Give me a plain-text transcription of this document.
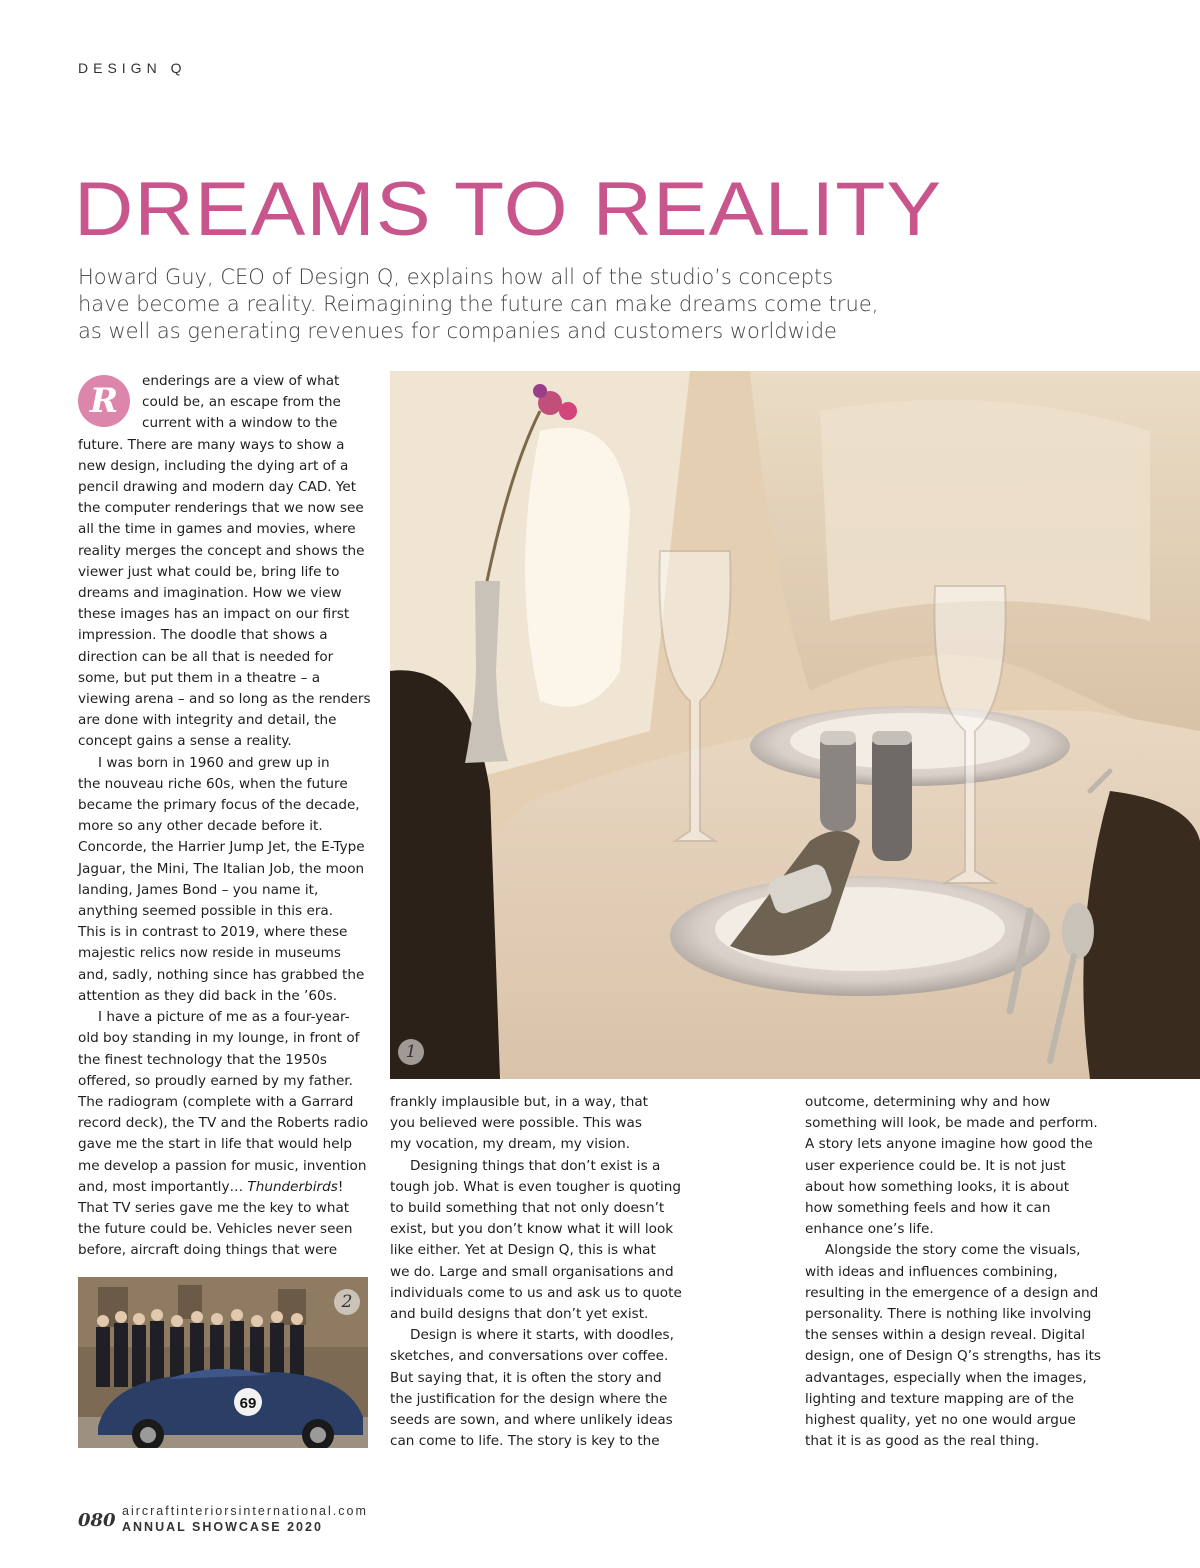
DESIGN Q
DREAMS TO REALITY
Howard Guy, CEO of Design Q, explains how all of the studio’s concepts
have become a reality. Reimagining the future can make dreams come true,
as well as generating revenues for companies and customers worldwide
R	enderings are a view of what
could be, an escape from the
current with a window to the
future. There are many ways to show a
new design, including the dying art of a
pencil drawing and modern day CAD. Yet
the computer renderings that we now see
all the time in games and movies, where
reality merges the concept and shows the
viewer just what could be, bring life to
dreams and imagination. How we view
these images has an impact on our first
impression. The doodle that shows a
direction can be all that is needed for
some, but put them in a theatre – a
viewing arena – and so long as the renders
are done with integrity and detail, the
concept gains a sense a reality.
I was born in 1960 and grew up in
the nouveau riche 60s, when the future
became the primary focus of the decade,
more so any other decade before it.
Concorde, the Harrier Jump Jet, the E-Type
Jaguar, the Mini, The Italian Job, the moon
landing, James Bond – you name it,
anything seemed possible in this era.
This is in contrast to 2019, where these
majestic relics now reside in museums
and, sadly, nothing since has grabbed the
attention as they did back in the ’60s.
I have a picture of me as a four-year-
old boy standing in my lounge, in front of
the finest technology that the 1950s
offered, so proudly earned by my father.
The radiogram (complete with a Garrard
record deck), the TV and the Roberts radio
gave me the start in life that would help
me develop a passion for music, invention
and, most importantly… Thunderbirds!
That TV series gave me the key to what
the future could be. Vehicles never seen
before, aircraft doing things that were
1
frankly implausible but, in a way, that
you believed were possible. This was
my vocation, my dream, my vision.
Designing things that don’t exist is a
tough job. What is even tougher is quoting
to build something that not only doesn’t
exist, but you don’t know what it will look
like either. Yet at Design Q, this is what
we do. Large and small organisations and
individuals come to us and ask us to quote
and build designs that don’t yet exist.
Design is where it starts, with doodles,
sketches, and conversations over coffee.
But saying that, it is often the story and
the justification for the design where the
seeds are sown, and where unlikely ideas
can come to life. The story is key to the
outcome, determining why and how
something will look, be made and perform.
A story lets anyone imagine how good the
user experience could be. It is not just
about how something looks, it is about
how something feels and how it can
enhance one’s life.
Alongside the story come the visuals,
with ideas and influences combining,
resulting in the emergence of a design and
personality. There is nothing like involving
the senses within a design reveal. Digital
design, one of Design Q’s strengths, has its
advantages, especially when the images,
lighting and texture mapping are of the
highest quality, yet no one would argue
that it is as good as the real thing.
69
2
080 aircraftinteriorsinternational.com
ANNUAL SHOWCASE 2020
